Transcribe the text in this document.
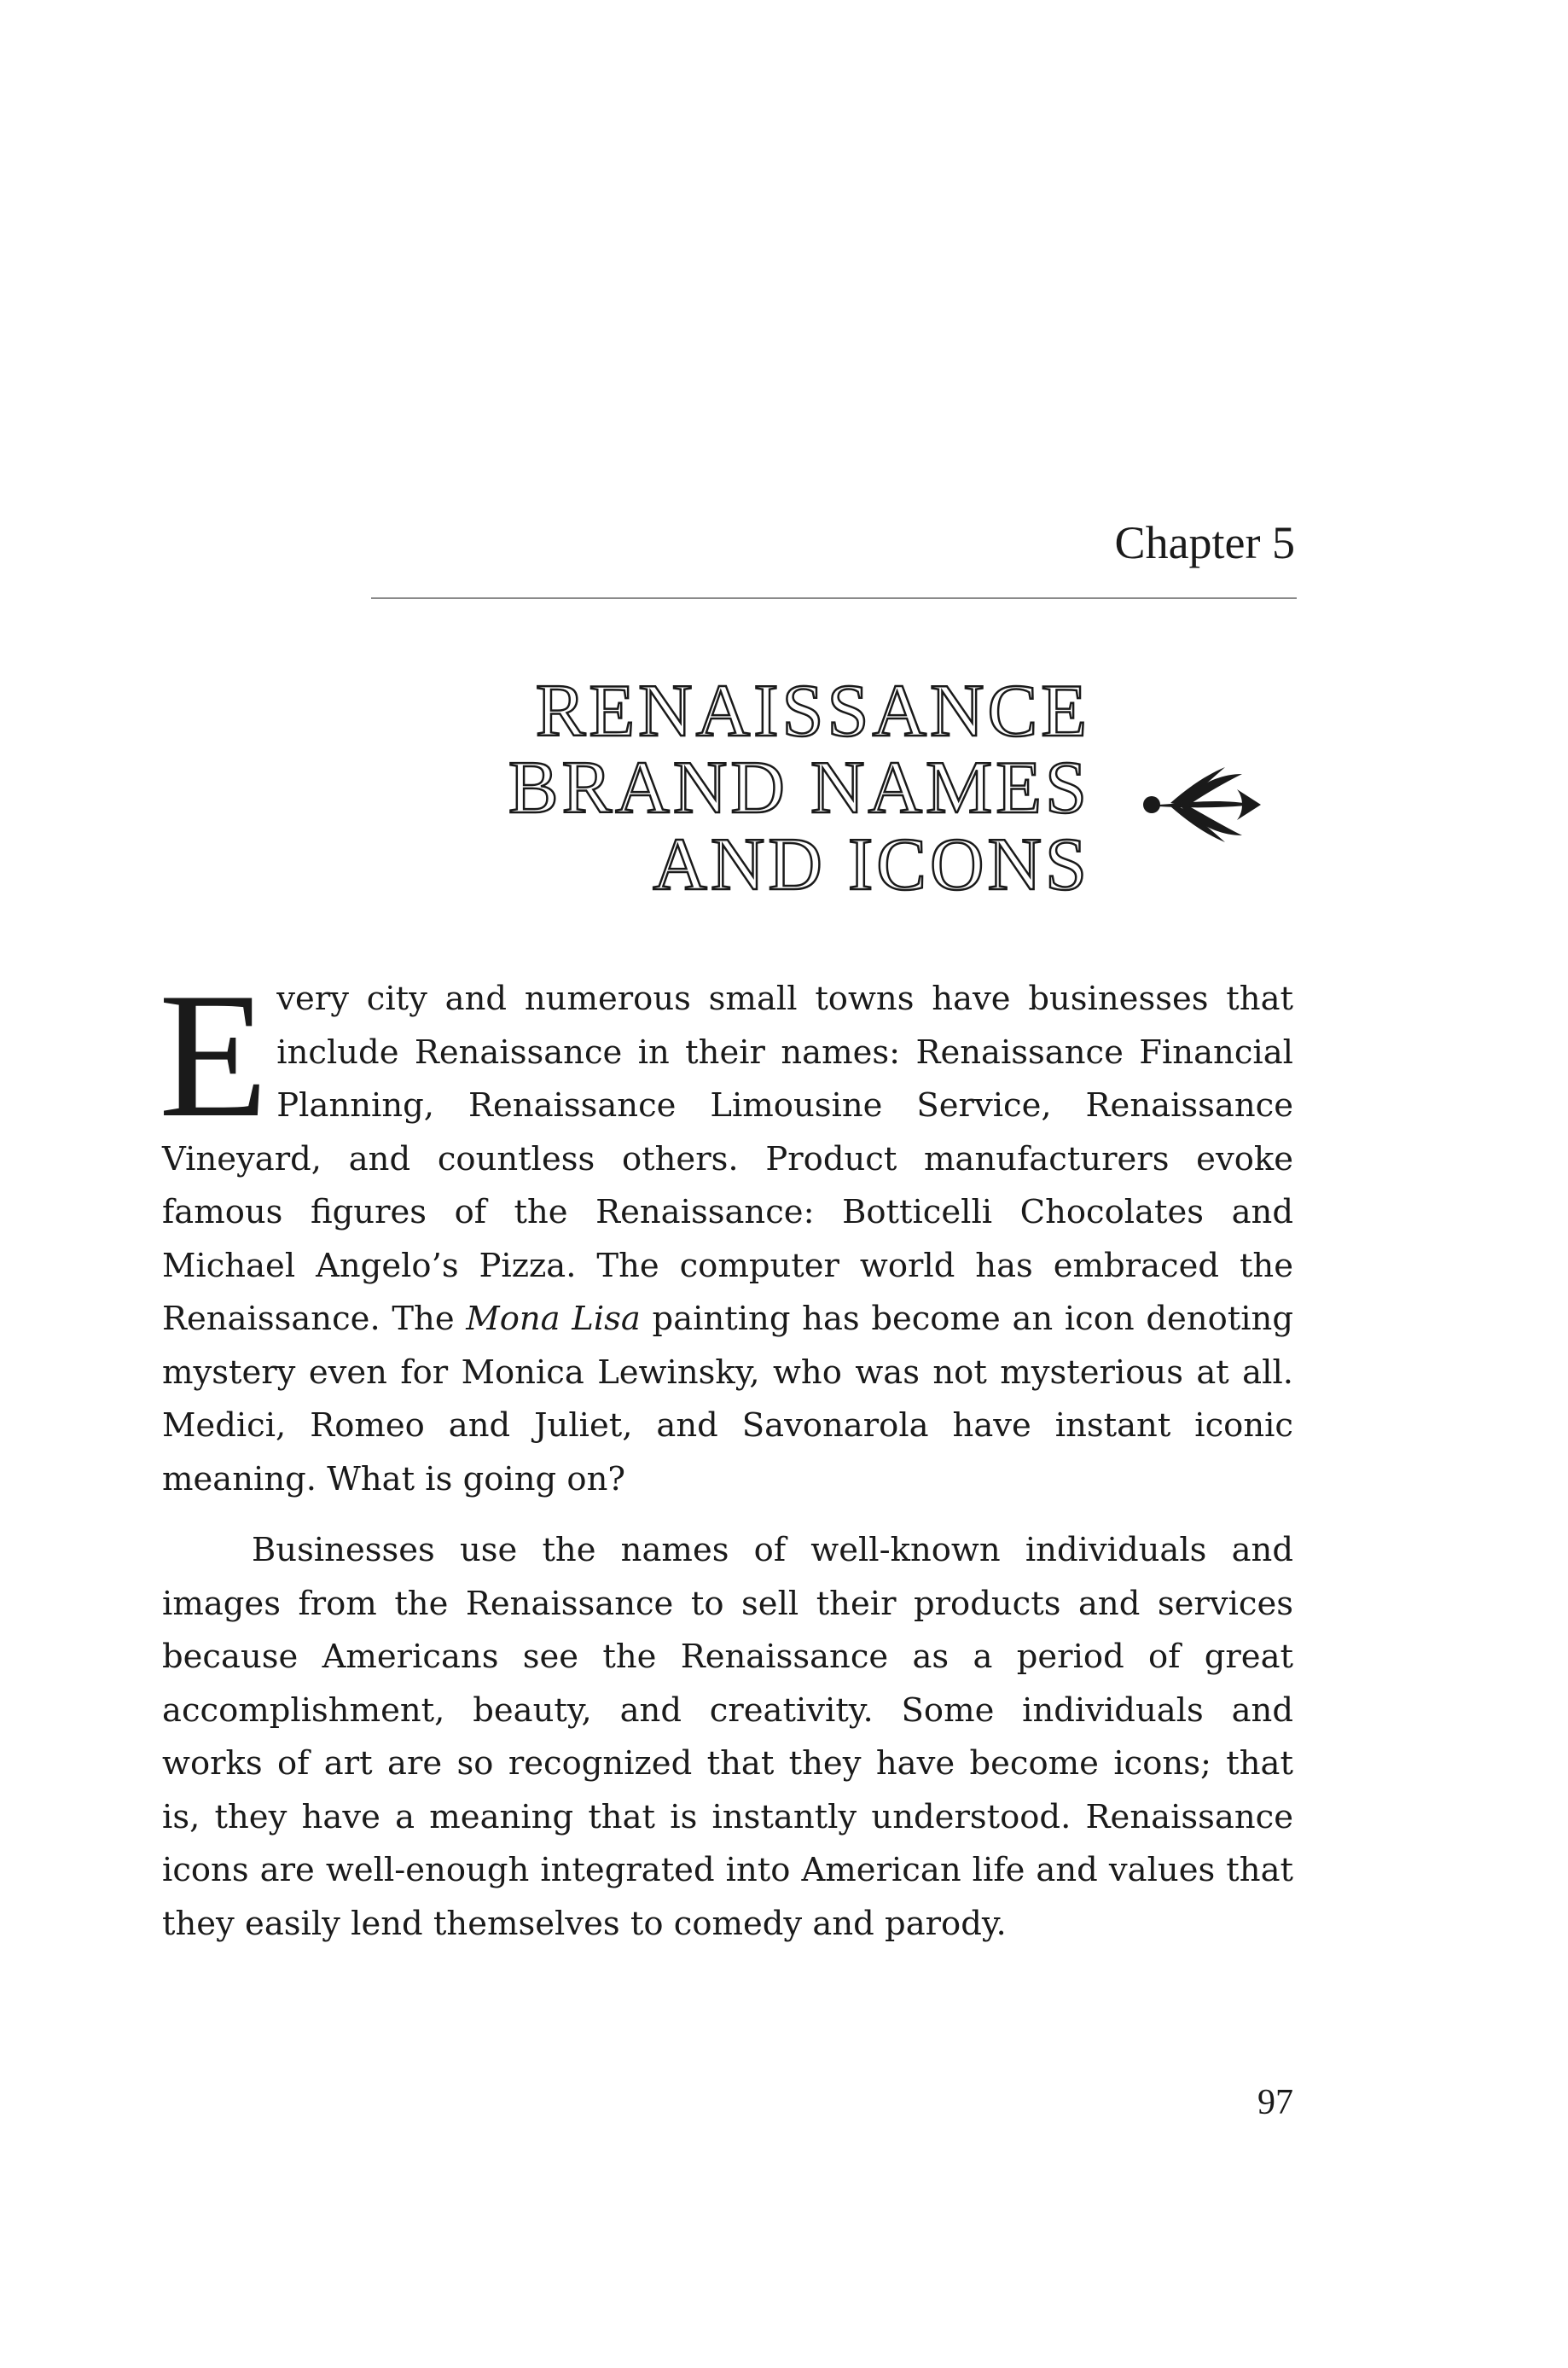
Chapter 5
RENAISSANCE
BRAND NAMES
AND ICONS

Every city and numerous small towns have businesses that include Renaissance in their names: Renaissance Financial Planning, Renaissance Limousine Service, Renaissance Vineyard, and countless others. Product manufacturers evoke famous figures of the Renaissance: Botticelli Chocolates and Michael Angelo’s Pizza. The computer world has embraced the Renaissance. The Mona Lisa painting has become an icon denoting mystery even for Monica Lewinsky, who was not mysterious at all. Medici, Romeo and Juliet, and Savonarola have instant iconic meaning. What is going on?

Businesses use the names of well-known individuals and images from the Renaissance to sell their products and services because Americans see the Renaissance as a period of great accomplishment, beauty, and creativity. Some individuals and works of art are so recognized that they have become icons; that is, they have a meaning that is instantly understood. Renaissance icons are well-enough integrated into American life and values that they easily lend themselves to comedy and parody.

97
